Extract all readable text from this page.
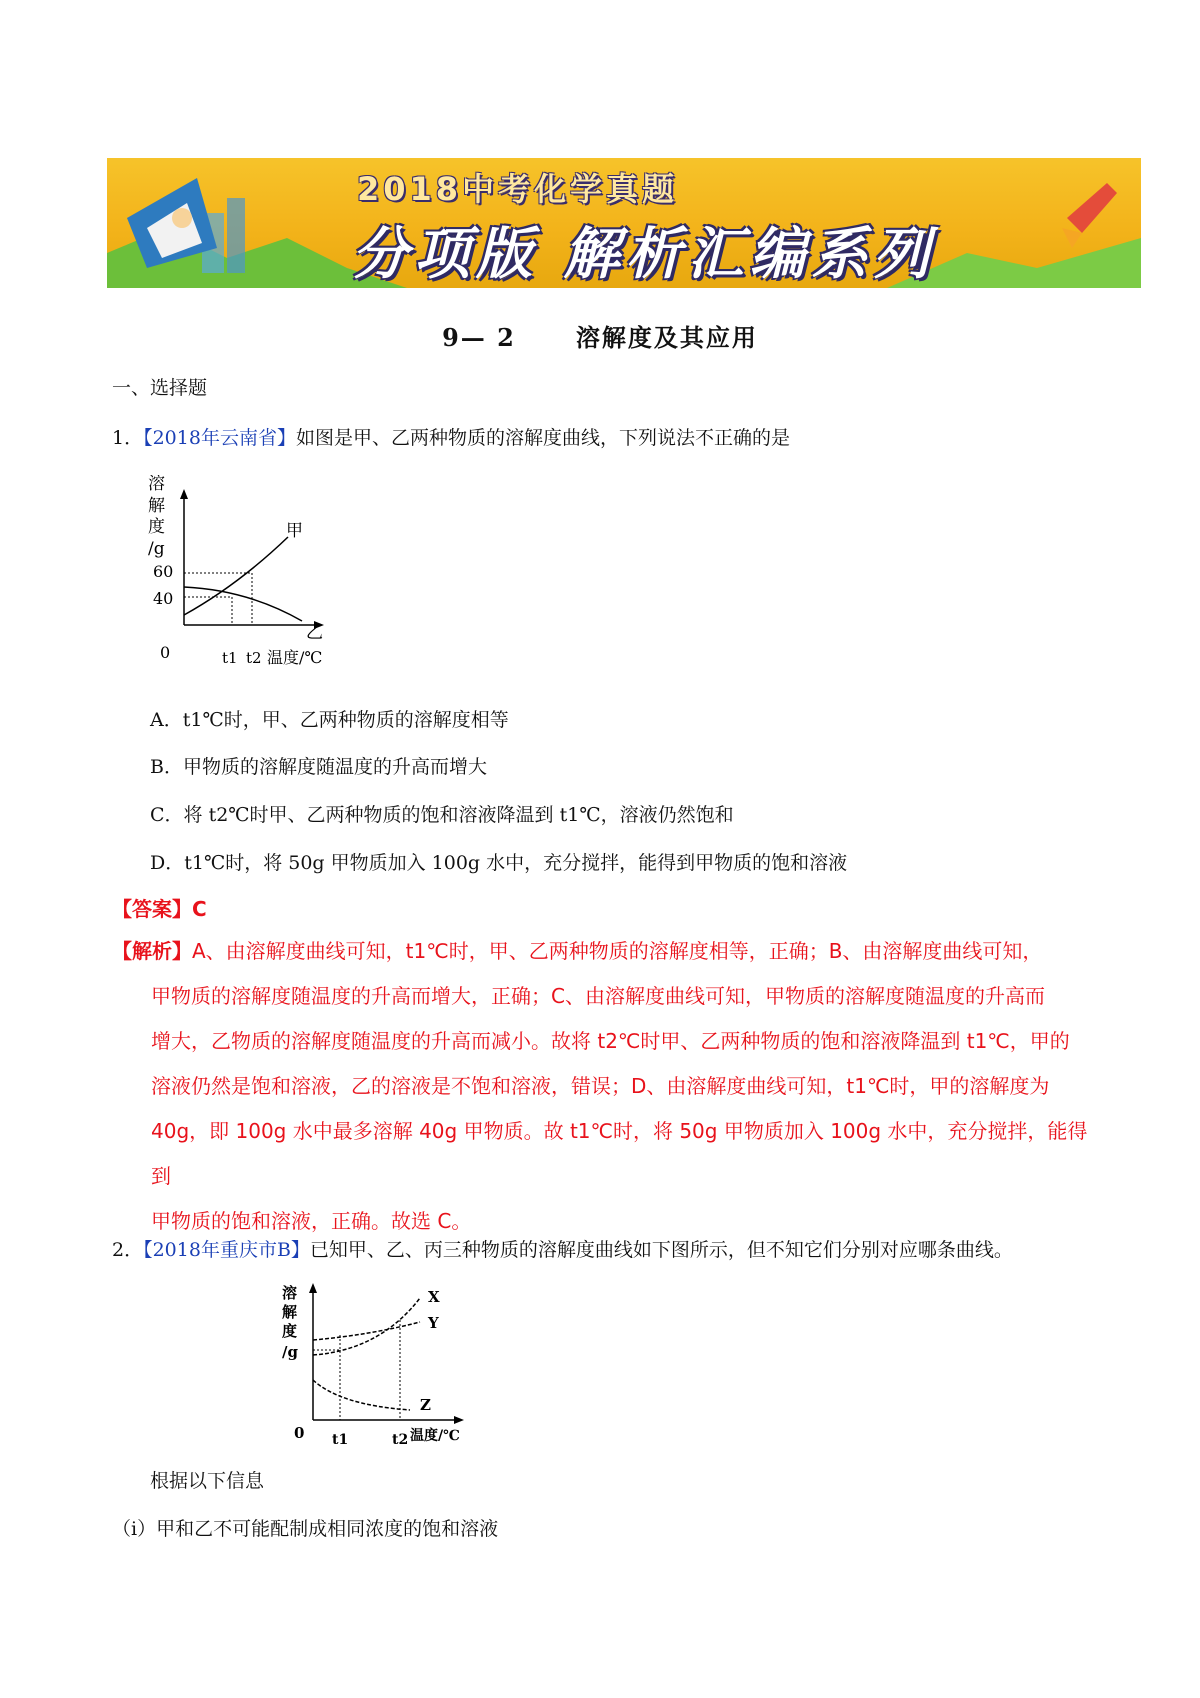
2018中考化学真题
分项版 解析汇编系列
9— 2	溶解度及其应用
一、选择题
1．【2018年云南省】如图是甲、乙两种物质的溶解度曲线，下列说法不正确的是
溶
解
度
/g
60
40
0	t1 t2 温度/℃
甲
乙
A．t1℃时，甲、乙两种物质的溶解度相等
B．甲物质的溶解度随温度的升高而增大
C．将 t2℃时甲、乙两种物质的饱和溶液降温到 t1℃，溶液仍然饱和
D．t1℃时，将 50g 甲物质加入 100g 水中，充分搅拌，能得到甲物质的饱和溶液
【答案】C
【解析】A、由溶解度曲线可知，t1℃时，甲、乙两种物质的溶解度相等，正确；B、由溶解度曲线可知，
甲物质的溶解度随温度的升高而增大，正确；C、由溶解度曲线可知，甲物质的溶解度随温度的升高而
增大，乙物质的溶解度随温度的升高而减小。故将 t2℃时甲、乙两种物质的饱和溶液降温到 t1℃，甲的
溶液仍然是饱和溶液，乙的溶液是不饱和溶液，错误；D、由溶解度曲线可知，t1℃时，甲的溶解度为
40g，即 100g 水中最多溶解 40g 甲物质。故 t1℃时，将 50g 甲物质加入 100g 水中，充分搅拌，能得到
甲物质的饱和溶液，正确。故选 C。
2．【2018年重庆市B】已知甲、乙、丙三种物质的溶解度曲线如下图所示，但不知它们分别对应哪条曲线。
溶
解
度
/g
0 t1	t2 温度/℃
X
Y
Z
根据以下信息
（ⅰ）甲和乙不可能配制成相同浓度的饱和溶液
